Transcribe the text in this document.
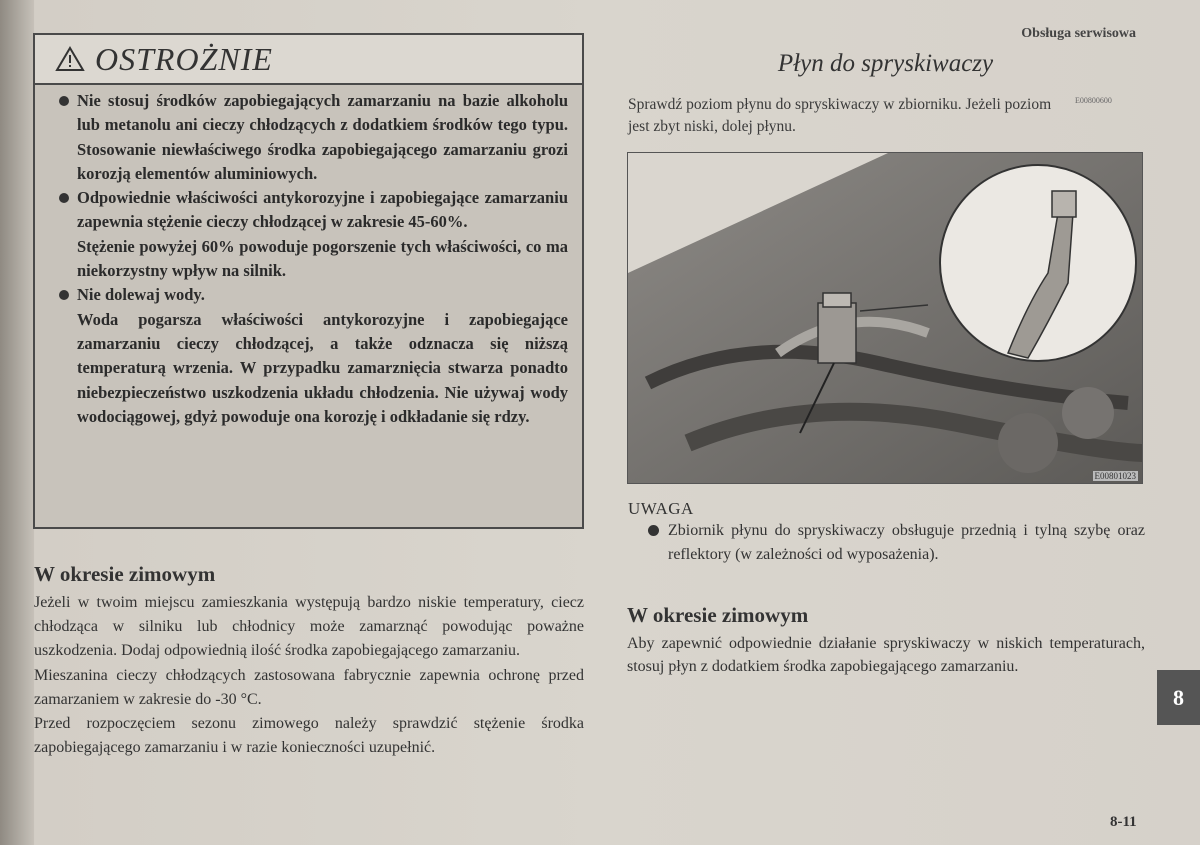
OSTROŻNIE
Nie stosuj środków zapobiegających zamarzaniu na bazie alkoholu lub metanolu ani cieczy chłodzących z dodatkiem środków tego typu. Stosowanie niewłaściwego środka zapobiegającego zamarzaniu grozi korozją elementów aluminiowych.
Odpowiednie właściwości antykorozyjne i zapobiegające zamarzaniu zapewnia stężenie cieczy chłodzącej w zakresie 45-60%.
Stężenie powyżej 60% powoduje pogorszenie tych właściwości, co ma niekorzystny wpływ na silnik.
Nie dolewaj wody.
Woda pogarsza właściwości antykorozyjne i zapobiegające zamarzaniu cieczy chłodzącej, a także odznacza się niższą temperaturą wrzenia. W przypadku zamarznięcia stwarza ponadto niebezpieczeństwo uszkodzenia układu chłodzenia. Nie używaj wody wodociągowej, gdyż powoduje ona korozję i odkładanie się rdzy.
W okresie zimowym

Jeżeli w twoim miejscu zamieszkania występują bardzo niskie temperatury, ciecz chłodząca w silniku lub chłodnicy może zamarznąć powodując poważne uszkodzenia. Dodaj odpowiednią ilość środka zapobiegającego zamarzaniu.

Mieszanina cieczy chłodzących zastosowana fabrycznie zapewnia ochronę przed zamarzaniem w zakresie do -30 °C.

Przed rozpoczęciem sezonu zimowego należy sprawdzić stężenie środka zapobiegającego zamarzaniu i w razie konieczności uzupełnić.

Obsługa serwisowa
Płyn do spryskiwaczy
Sprawdź poziom płynu do spryskiwaczy w zbiorniku. Jeżeli poziom jest zbyt niski, dolej płynu.
E00800600
E00801023
UWAGA
Zbiornik płynu do spryskiwaczy obsługuje przednią i tylną szybę oraz reflektory (w zależności od wyposażenia).
W okresie zimowym

Aby zapewnić odpowiednie działanie spryskiwaczy w niskich temperaturach, stosuj płyn z dodatkiem środka zapobiegającego zamarzaniu.

8
8-11
